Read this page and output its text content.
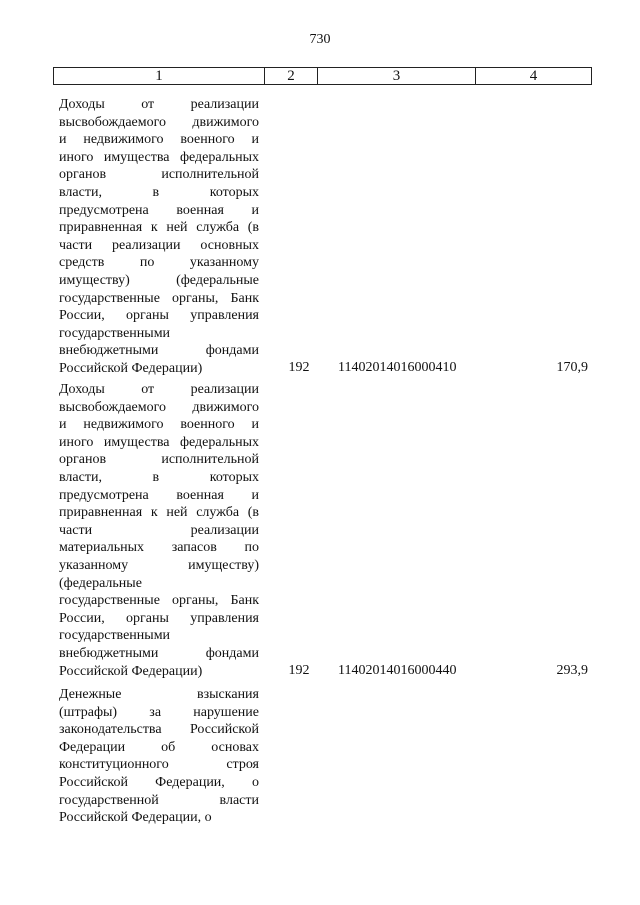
730
1	2	3	4
Доходы от реализации
высвобождаемого движимого
и недвижимого военного и
иного имущества федеральных
органов исполнительной
власти, в которых
предусмотрена военная и
приравненная к ней служба (в
части реализации основных
средств по указанному
имуществу) (федеральные
государственные органы, Банк
России, органы управления
государственными
внебюджетными фондами
Российской Федерации)	192	11402014016000410	170,9
Доходы от реализации
высвобождаемого движимого
и недвижимого военного и
иного имущества федеральных
органов исполнительной
власти, в которых
предусмотрена военная и
приравненная к ней служба (в
части реализации
материальных запасов по
указанному имуществу)
(федеральные
государственные органы, Банк
России, органы управления
государственными
внебюджетными фондами
Российской Федерации)	192	11402014016000440	293,9
Денежные взыскания
(штрафы) за нарушение
законодательства Российской
Федерации об основах
конституционного строя
Российской Федерации, о
государственной власти
Российской Федерации, о
